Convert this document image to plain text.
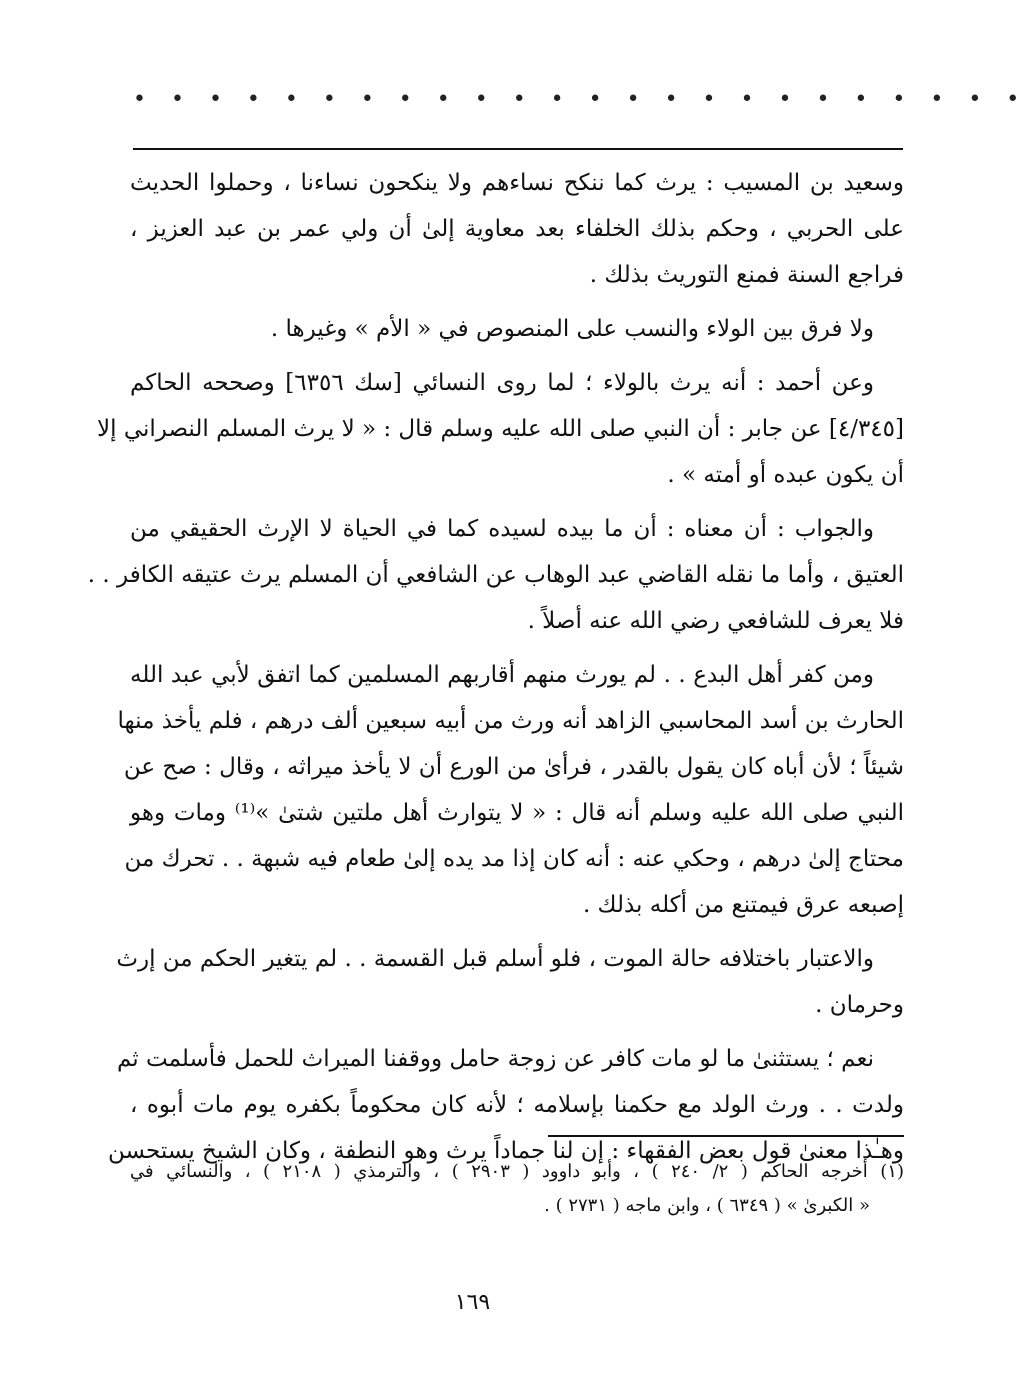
• • • • • • • • • • • • • • • • • • • • • • • •

وسعيد بن المسيب : يرث كما ننكح نساءهم ولا ينكحون نساءنا ، وحملوا الحديث
على الحربي ، وحكم بذلك الخلفاء بعد معاوية إلىٰ أن ولي عمر بن عبد العزيز ،
فراجع السنة فمنع التوريث بذلك .

ولا فرق بين الولاء والنسب على المنصوص في « الأم » وغيرها .

وعن أحمد : أنه يرث بالولاء ؛ لما روى النسائي [سك ٦٣٥٦] وصححه الحاكم
[٤/٣٤٥] عن جابر : أن النبي صلى الله عليه وسلم قال : « لا يرث المسلم النصراني إلا
أن يكون عبده أو أمته » .

والجواب : أن معناه : أن ما بيده لسيده كما في الحياة لا الإرث الحقيقي من
العتيق ، وأما ما نقله القاضي عبد الوهاب عن الشافعي أن المسلم يرث عتيقه الكافر . .
فلا يعرف للشافعي رضي الله عنه أصلاً .

ومن كفر أهل البدع . . لم يورث منهم أقاربهم المسلمين كما اتفق لأبي عبد الله
الحارث بن أسد المحاسبي الزاهد أنه ورث من أبيه سبعين ألف درهم ، فلم يأخذ منها
شيئاً ؛ لأن أباه كان يقول بالقدر ، فرأىٰ من الورع أن لا يأخذ ميراثه ، وقال : صح عن
النبي صلى الله عليه وسلم أنه قال : « لا يتوارث أهل ملتين شتىٰ »⁽¹⁾ ومات وهو
محتاج إلىٰ درهم ، وحكي عنه : أنه كان إذا مد يده إلىٰ طعام فيه شبهة . . تحرك من
إصبعه عرق فيمتنع من أكله بذلك .

والاعتبار باختلافه حالة الموت ، فلو أسلم قبل القسمة . . لم يتغير الحكم من إرث
وحرمان .

نعم ؛ يستثنىٰ ما لو مات كافر عن زوجة حامل ووقفنا الميراث للحمل فأسلمت ثم
ولدت . . ورث الولد مع حكمنا بإسلامه ؛ لأنه كان محكوماً بكفره يوم مات أبوه ،
وهـٰذا معنىٰ قول بعض الفقهاء : إن لنا جماداً يرث وهو النطفة ، وكان الشيخ يستحسن

(١) أخرجه الحاكم ( ٢/ ٢٤٠ ) ، وأبو داوود ( ٢٩٠٣ ) ، والترمذي ( ٢١٠٨ ) ، والنسائي في
« الكبرىٰ » ( ٦٣٤٩ ) ، وابن ماجه ( ٢٧٣١ ) .
١٦٩
